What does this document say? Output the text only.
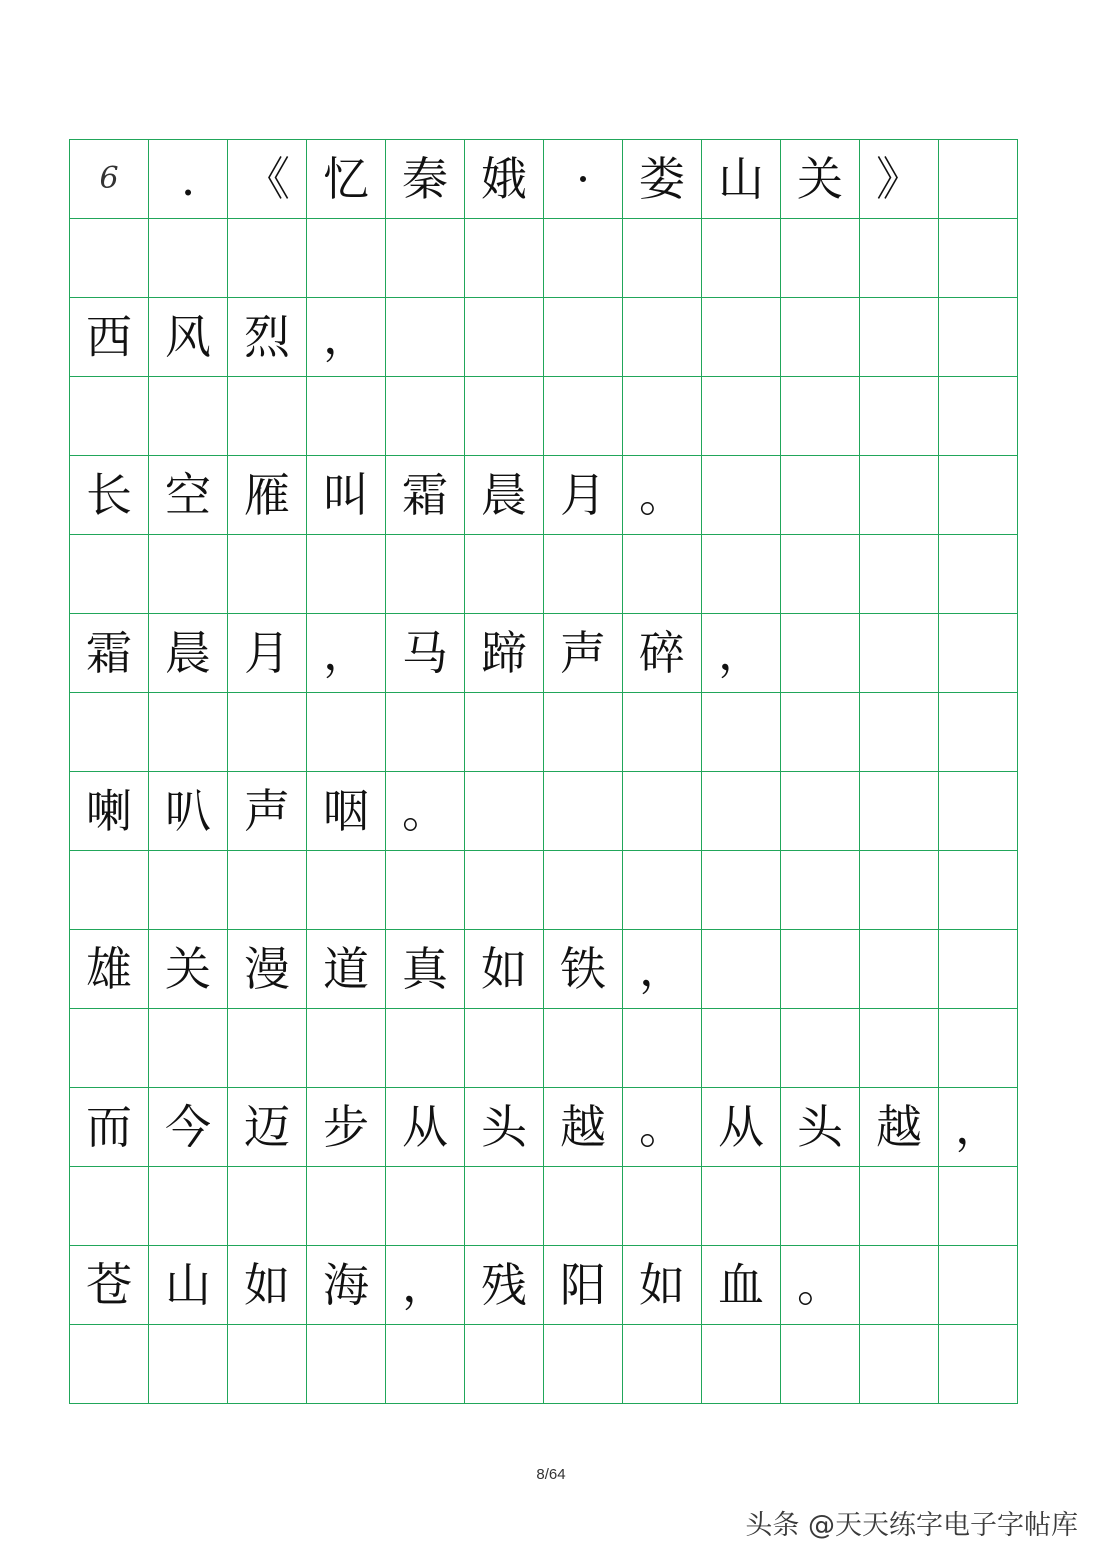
6	.	《	忆	秦	娥	·	娄	山	关	》	

西	风	烈	，								

长	空	雁	叫	霜	晨	月	。				

霜	晨	月	，	马	蹄	声	碎	，			

喇	叭	声	咽	。							

雄	关	漫	道	真	如	铁	，				

而	今	迈	步	从	头	越	。	从	头	越	，

苍	山	如	海	，	残	阳	如	血	。		

8/64
头条 @天天练字电子字帖库
